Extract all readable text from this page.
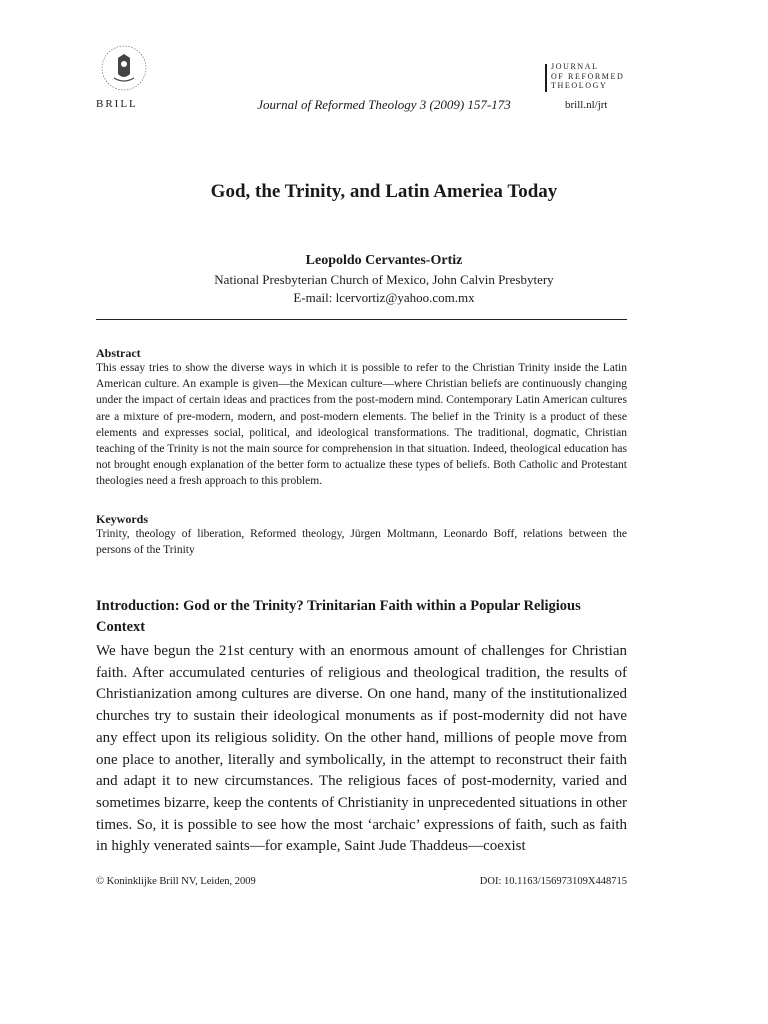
BRILL	Journal of Reformed Theology 3 (2009) 157-173
JOURNAL
OF REFORMED
THEOLOGY
brill.nl/jrt
God, the Trinity, and Latin Ameriea Today
Leopoldo Cervantes-Ortiz
National Presbyterian Church of Mexico, John Calvin Presbytery
E-mail: lcervortiz@yahoo.com.mx
Abstract
This essay tries to show the diverse ways in which it is possible to refer to the Christian Trinity inside the Latin American culture. An example is given—the Mexican culture—where Christian beliefs are continuously changing under the impact of certain ideas and practices from the post-modern mind. Contemporary Latin American cultures are a mixture of pre-modern, modern, and post-modern elements. The belief in the Trinity is a product of these elements and expresses social, political, and ideological transformations. The traditional, dogmatic, Christian teaching of the Trinity is not the main source for comprehension in that situation. Indeed, theological education has not brought enough explanation of the better form to actualize these types of beliefs. Both Catholic and Protestant theologies need a fresh approach to this problem.
Keywords
Trinity, theology of liberation, Reformed theology, Jürgen Moltmann, Leonardo Boff, relations between the persons of the Trinity
Introduction: God or the Trinity? Trinitarian Faith within a Popular Religious Context
We have begun the 21st century with an enormous amount of challenges for Christian faith. After accumulated centuries of religious and theological tradition, the results of Christianization among cultures are diverse. On one hand, many of the institutionalized churches try to sustain their ideological monuments as if post-modernity did not have any effect upon its religious solidity. On the other hand, millions of people move from one place to another, literally and symbolically, in the attempt to reconstruct their faith and adapt it to new circumstances. The religious faces of post-modernity, varied and sometimes bizarre, keep the contents of Christianity in unprecedented situations in other times. So, it is possible to see how the most ‘archaic’ expressions of faith, such as faith in highly venerated saints—for example, Saint Jude Thaddeus—coexist
© Koninklijke Brill NV, Leiden, 2009	DOI: 10.1163/156973109X448715
